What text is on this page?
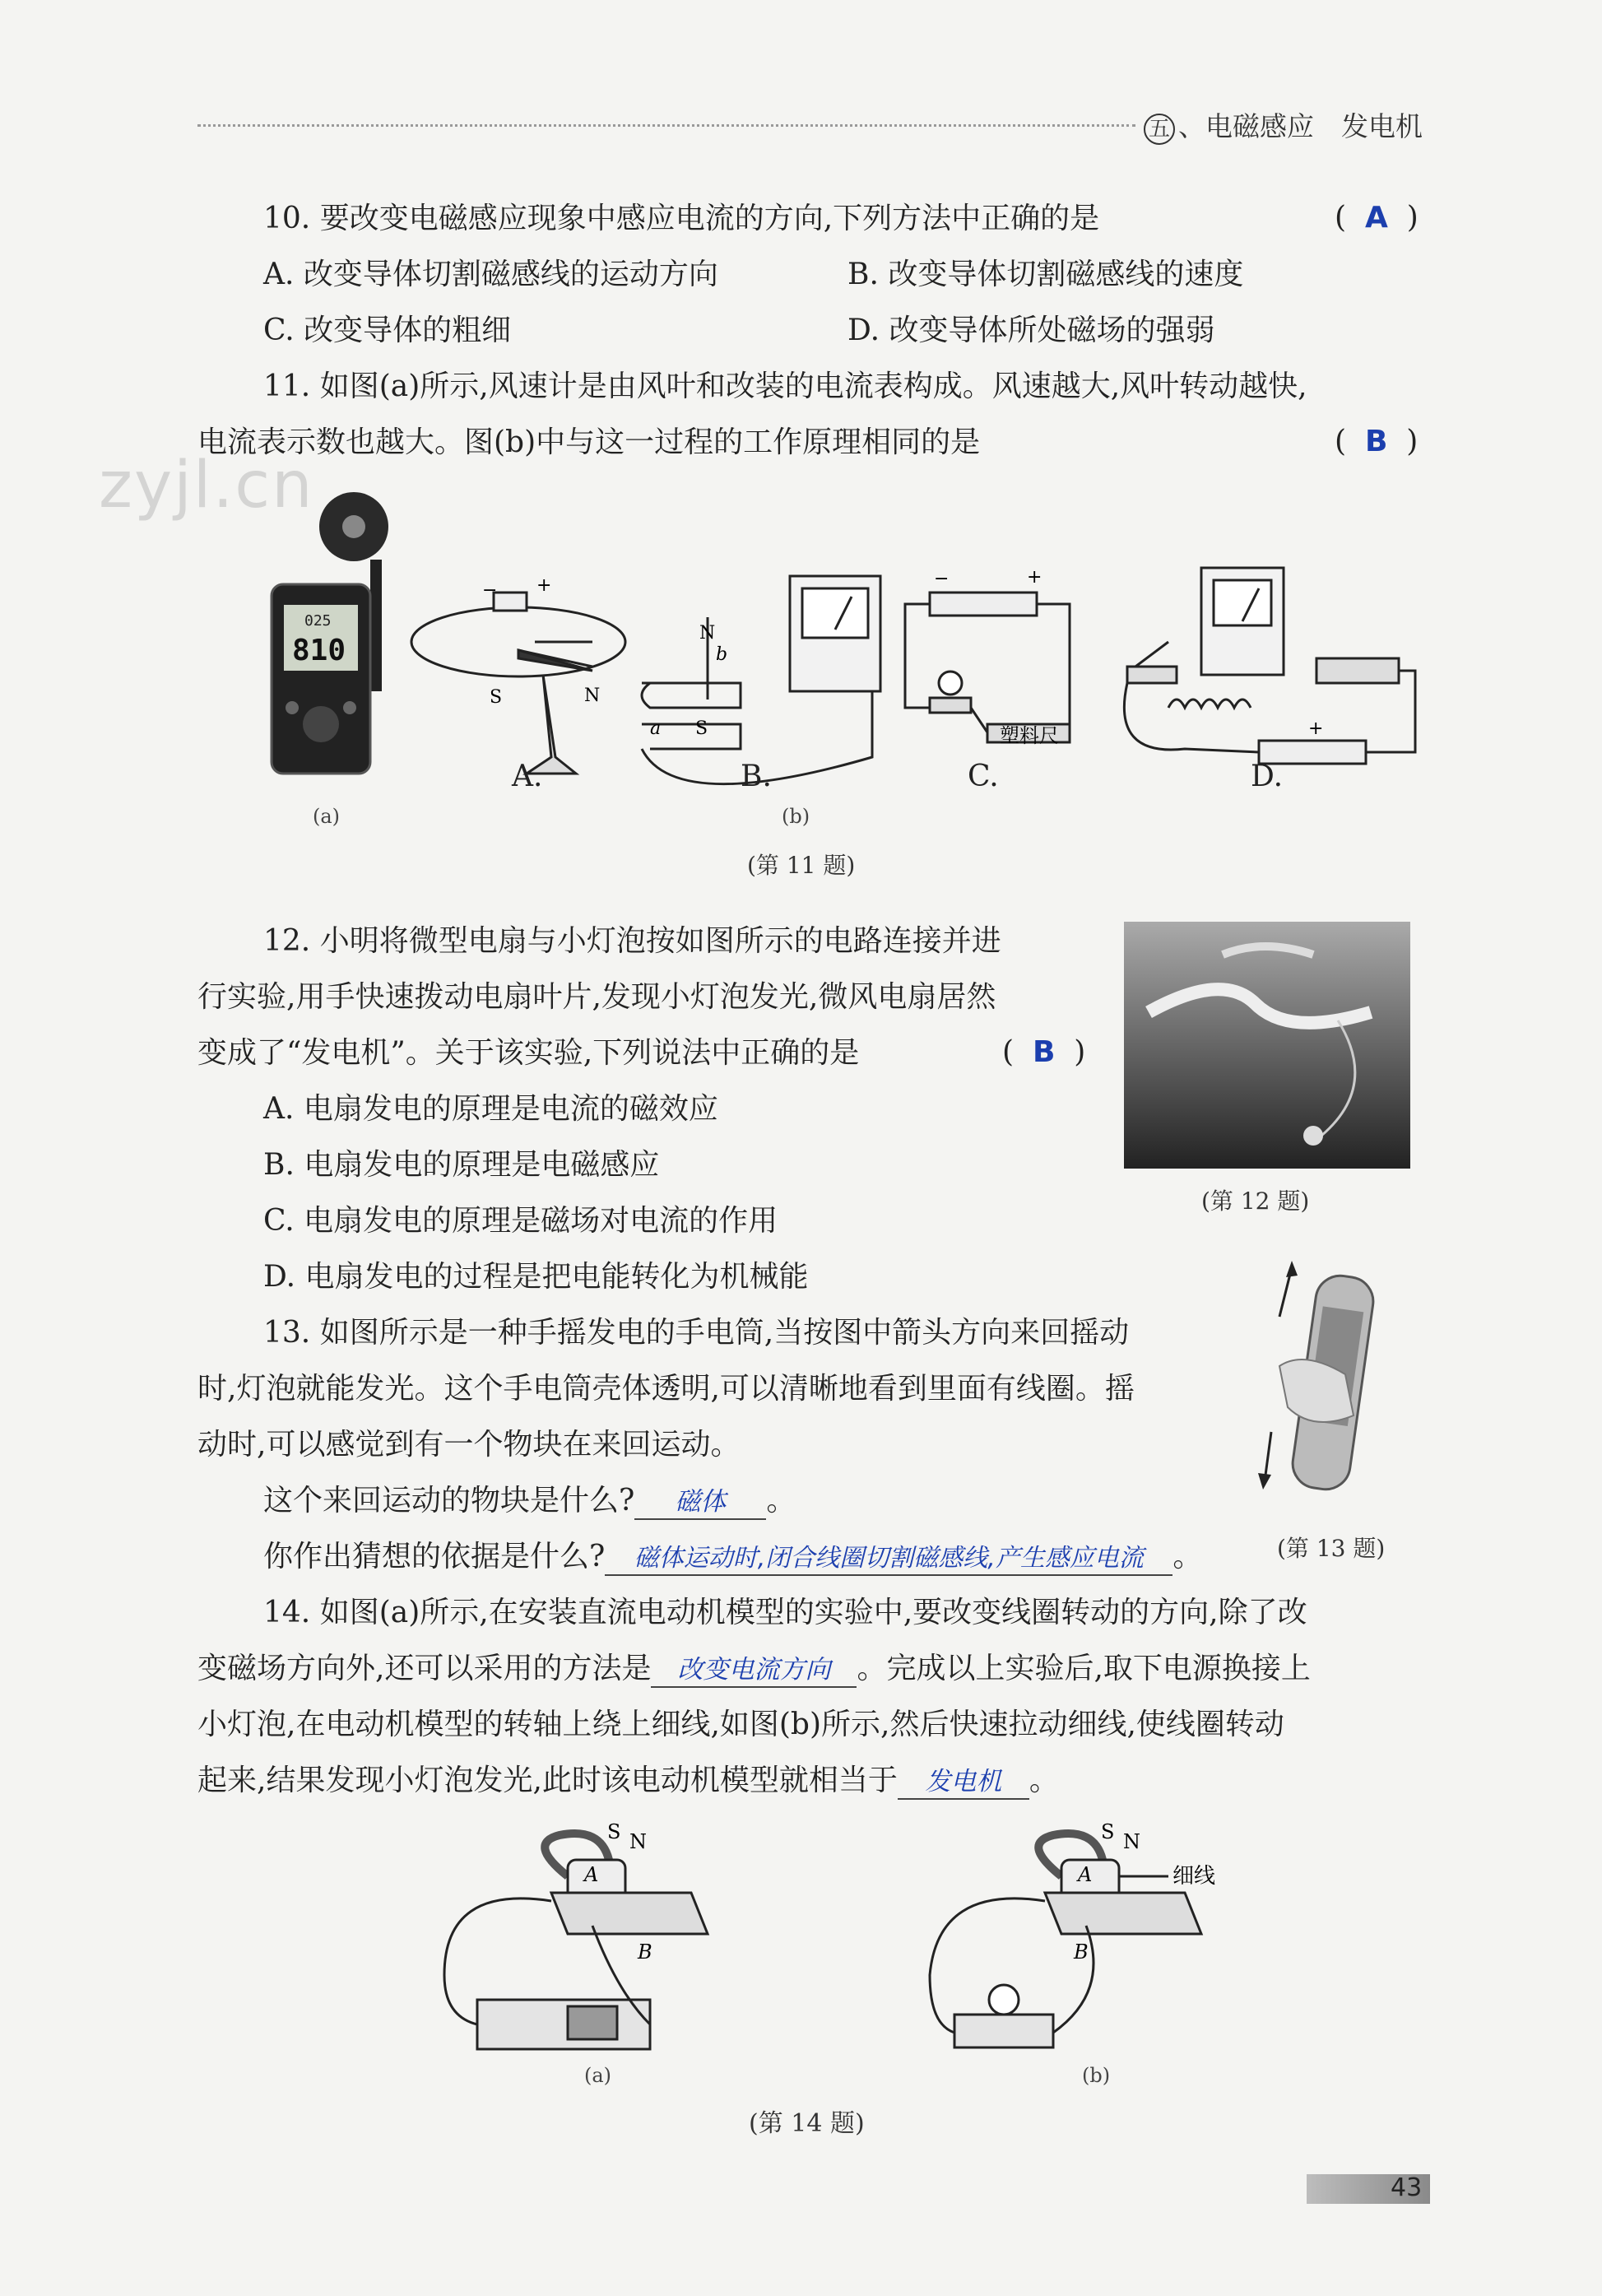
五 、电磁感应　发电机
zyjl.cn
10. 要改变电磁感应现象中感应电流的方向,下列方法中正确的是	(  A  )
A. 改变导体切割磁感线的运动方向	B. 改变导体切割磁感线的速度
C. 改变导体的粗细	D. 改变导体所处磁场的强弱
11. 如图(a)所示,风速计是由风叶和改装的电流表构成。风速越大,风叶转动越快,
电流表示数也越大。图(b)中与这一过程的工作原理相同的是	(  B  )
025
810
(a)
− +
S	N
N
b
S
a
−	+
塑料尺	+
(b)
A.	B.	C.	D.
(第 11 题)
12. 小明将微型电扇与小灯泡按如图所示的电路连接并进
行实验,用手快速拨动电扇叶片,发现小灯泡发光,微风电扇居然
变成了“发电机”。关于该实验,下列说法中正确的是	(  B  )
A. 电扇发电的原理是电流的磁效应
B. 电扇发电的原理是电磁感应
C. 电扇发电的原理是磁场对电流的作用
D. 电扇发电的过程是把电能转化为机械能
(第 12 题)
13. 如图所示是一种手摇发电的手电筒,当按图中箭头方向来回摇动
时,灯泡就能发光。这个手电筒壳体透明,可以清晰地看到里面有线圈。摇
动时,可以感觉到有一个物块在来回运动。
这个来回运动的物块是什么? 磁体 。
你作出猜想的依据是什么? 磁体运动时,闭合线圈切割磁感线,产生感应电流 。	(第 13 题)
14. 如图(a)所示,在安装直流电动机模型的实验中,要改变线圈转动的方向,除了改
变磁场方向外,还可以采用的方法是 改变电流方向 。完成以上实验后,取下电源换接上
小灯泡,在电动机模型的转轴上绕上细线,如图(b)所示,然后快速拉动细线,使线圈转动
起来,结果发现小灯泡发光,此时该电动机模型就相当于 发电机 。
S N
A
B
(a)
S N
A
B
细线
(b)
(第 14 题)
43
